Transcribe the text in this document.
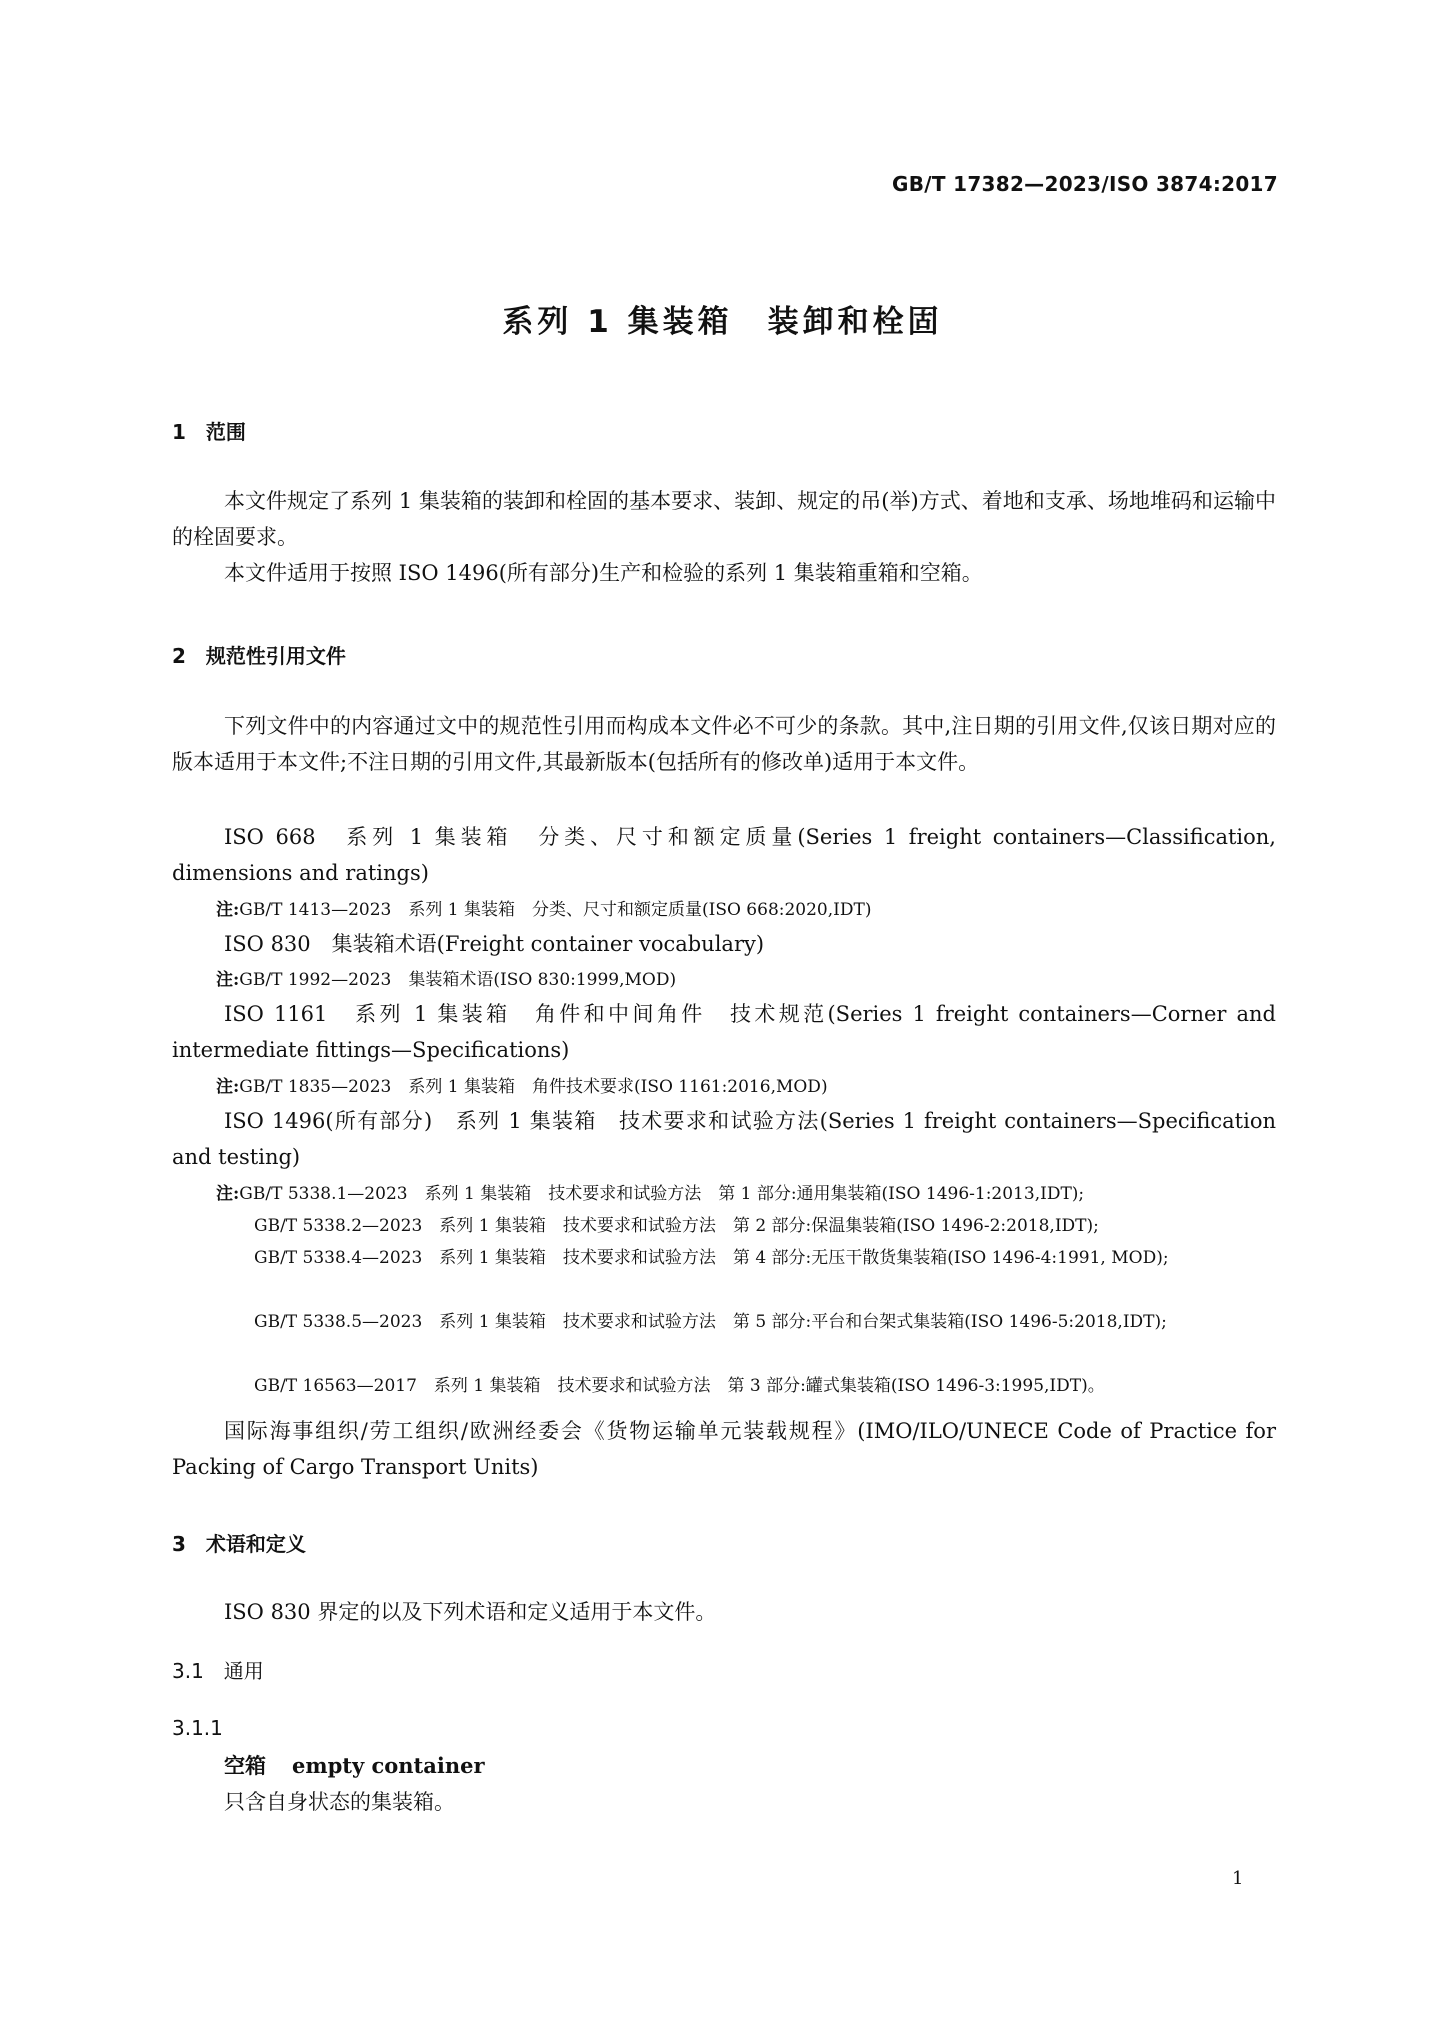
GB/T 17382—2023/ISO 3874:2017
系列 1 集装箱　装卸和栓固
1　范围

本文件规定了系列 1 集装箱的装卸和栓固的基本要求、装卸、规定的吊(举)方式、着地和支承、场地堆码和运输中的栓固要求。

本文件适用于按照 ISO 1496(所有部分)生产和检验的系列 1 集装箱重箱和空箱。

2　规范性引用文件

下列文件中的内容通过文中的规范性引用而构成本文件必不可少的条款。其中,注日期的引用文件,仅该日期对应的版本适用于本文件;不注日期的引用文件,其最新版本(包括所有的修改单)适用于本文件。

ISO 668　系列 1 集装箱　分类、尺寸和额定质量(Series 1 freight containers—Classification, dimensions and ratings)

注:GB/T 1413—2023　系列 1 集装箱　分类、尺寸和额定质量(ISO 668:2020,IDT)

ISO 830　集装箱术语(Freight container vocabulary)

注:GB/T 1992—2023　集装箱术语(ISO 830:1999,MOD)

ISO 1161　系列 1 集装箱　角件和中间角件　技术规范(Series 1 freight containers—Corner and intermediate fittings—Specifications)

注:GB/T 1835—2023　系列 1 集装箱　角件技术要求(ISO 1161:2016,MOD)

ISO 1496(所有部分)　系列 1 集装箱　技术要求和试验方法(Series 1 freight containers—Specification and testing)

注:GB/T 5338.1—2023　系列 1 集装箱　技术要求和试验方法　第 1 部分:通用集装箱(ISO 1496-1:2013,IDT);

GB/T 5338.2—2023　系列 1 集装箱　技术要求和试验方法　第 2 部分:保温集装箱(ISO 1496-2:2018,IDT);

GB/T 5338.4—2023　系列 1 集装箱　技术要求和试验方法　第 4 部分:无压干散货集装箱(ISO 1496-4:1991, MOD);

GB/T 5338.5—2023　系列 1 集装箱　技术要求和试验方法　第 5 部分:平台和台架式集装箱(ISO 1496-5:2018,IDT);

GB/T 16563—2017　系列 1 集装箱　技术要求和试验方法　第 3 部分:罐式集装箱(ISO 1496-3:1995,IDT)。

国际海事组织/劳工组织/欧洲经委会《货物运输单元装载规程》(IMO/ILO/UNECE Code of Practice for Packing of Cargo Transport Units)

3　术语和定义

ISO 830 界定的以及下列术语和定义适用于本文件。

3.1　通用
3.1.1
空箱 empty container
只含自身状态的集装箱。
1
